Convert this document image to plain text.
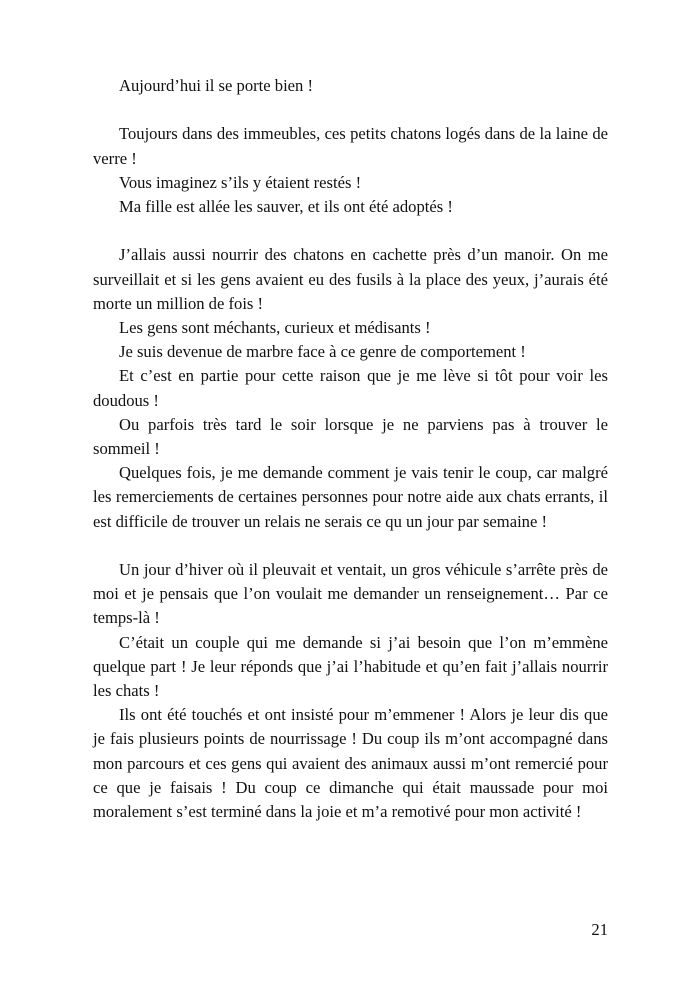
Aujourd’hui il se porte bien !

Toujours dans des immeubles, ces petits chatons logés dans de la laine de verre !

Vous imaginez s’ils y étaient restés !

Ma fille est allée les sauver, et ils ont été adoptés !

J’allais aussi nourrir des chatons en cachette près d’un manoir. On me surveillait et si les gens avaient eu des fusils à la place des yeux, j’aurais été morte un million de fois !

Les gens sont méchants, curieux et médisants !

Je suis devenue de marbre face à ce genre de comportement !

Et c’est en partie pour cette raison que je me lève si tôt pour voir les doudous !

Ou parfois très tard le soir lorsque je ne parviens pas à trouver le sommeil !

Quelques fois, je me demande comment je vais tenir le coup, car malgré les remerciements de certaines personnes pour notre aide aux chats errants, il est difficile de trouver un relais ne serais ce qu un jour par semaine !

Un jour d’hiver où il pleuvait et ventait, un gros véhicule s’arrête près de moi et je pensais que l’on voulait me demander un renseignement… Par ce temps-là !

C’était un couple qui me demande si j’ai besoin que l’on m’emmène quelque part ! Je leur réponds que j’ai l’habitude et qu’en fait j’allais nourrir les chats !

Ils ont été touchés et ont insisté pour m’emmener ! Alors je leur dis que je fais plusieurs points de nourrissage ! Du coup ils m’ont accompagné dans mon parcours et ces gens qui avaient des animaux aussi m’ont remercié pour ce que je faisais ! Du coup ce dimanche qui était maussade pour moi moralement s’est terminé dans la joie et m’a remotivé pour mon activité !

21
